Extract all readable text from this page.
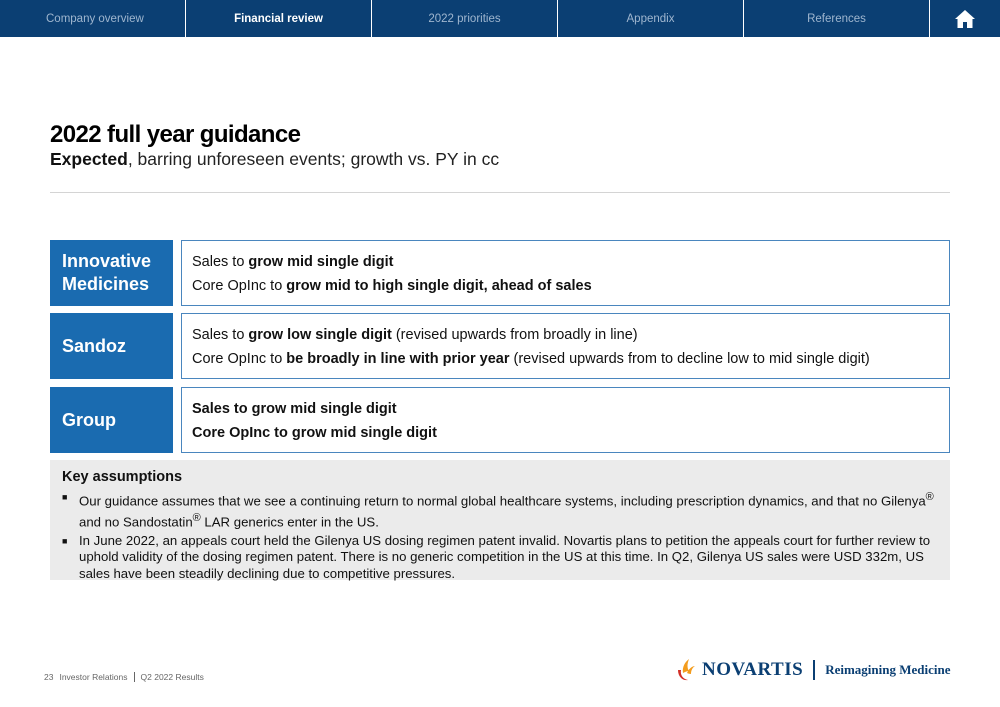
Company overview	Financial review	2022 priorities	Appendix	References
2022 full year guidance
Expected, barring unforeseen events; growth vs. PY in cc
Innovative
Medicines
Sales to grow mid single digit
Core OpInc to grow mid to high single digit, ahead of sales
Sandoz
Sales to grow low single digit (revised upwards from broadly in line)
Core OpInc to be broadly in line with prior year (revised upwards from to decline low to mid single digit)
Group
Sales to grow mid single digit
Core OpInc to grow mid single digit
Key assumptions
■ Our guidance assumes that we see a continuing return to normal global healthcare systems, including prescription dynamics, and that no Gilenya® and no Sandostatin® LAR generics enter in the US.
■ In June 2022, an appeals court held the Gilenya US dosing regimen patent invalid. Novartis plans to petition the appeals court for further review to uphold validity of the dosing regimen patent. There is no generic competition in the US at this time. In Q2, Gilenya US sales were USD 332m, US sales have been steadily declining due to competitive pressures.
23 Investor Relations Q2 2022 Results	NOVARTIS Reimagining Medicine
